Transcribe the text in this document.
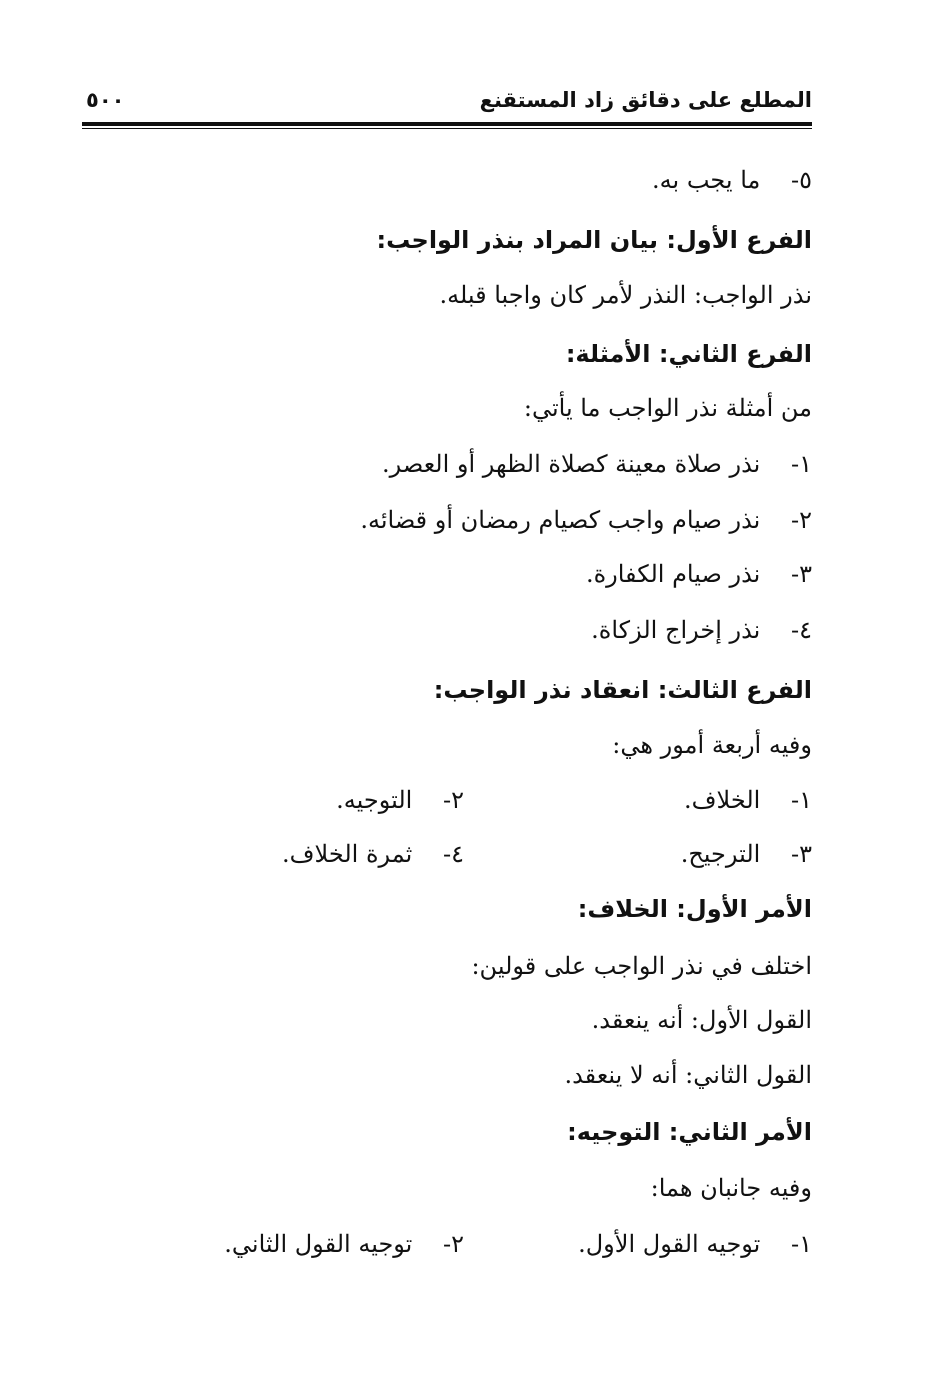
المطلع على دقائق زاد المستقنع
٥٠٠
٥- ما يجب به.
الفرع الأول: بيان المراد بنذر الواجب:
نذر الواجب: النذر لأمر كان واجبا قبله.
الفرع الثاني: الأمثلة:
من أمثلة نذر الواجب ما يأتي:
١- نذر صلاة معينة كصلاة الظهر أو العصر.
٢- نذر صيام واجب كصيام رمضان أو قضائه.
٣- نذر صيام الكفارة.
٤- نذر إخراج الزكاة.
الفرع الثالث: انعقاد نذر الواجب:
وفيه أربعة أمور هي:
١- الخلاف.
٢- التوجيه.
٣- الترجيح.
٤- ثمرة الخلاف.
الأمر الأول: الخلاف:
اختلف في نذر الواجب على قولين:
القول الأول: أنه ينعقد.
القول الثاني: أنه لا ينعقد.
الأمر الثاني: التوجيه:
وفيه جانبان هما:
١- توجيه القول الأول.
٢- توجيه القول الثاني.
